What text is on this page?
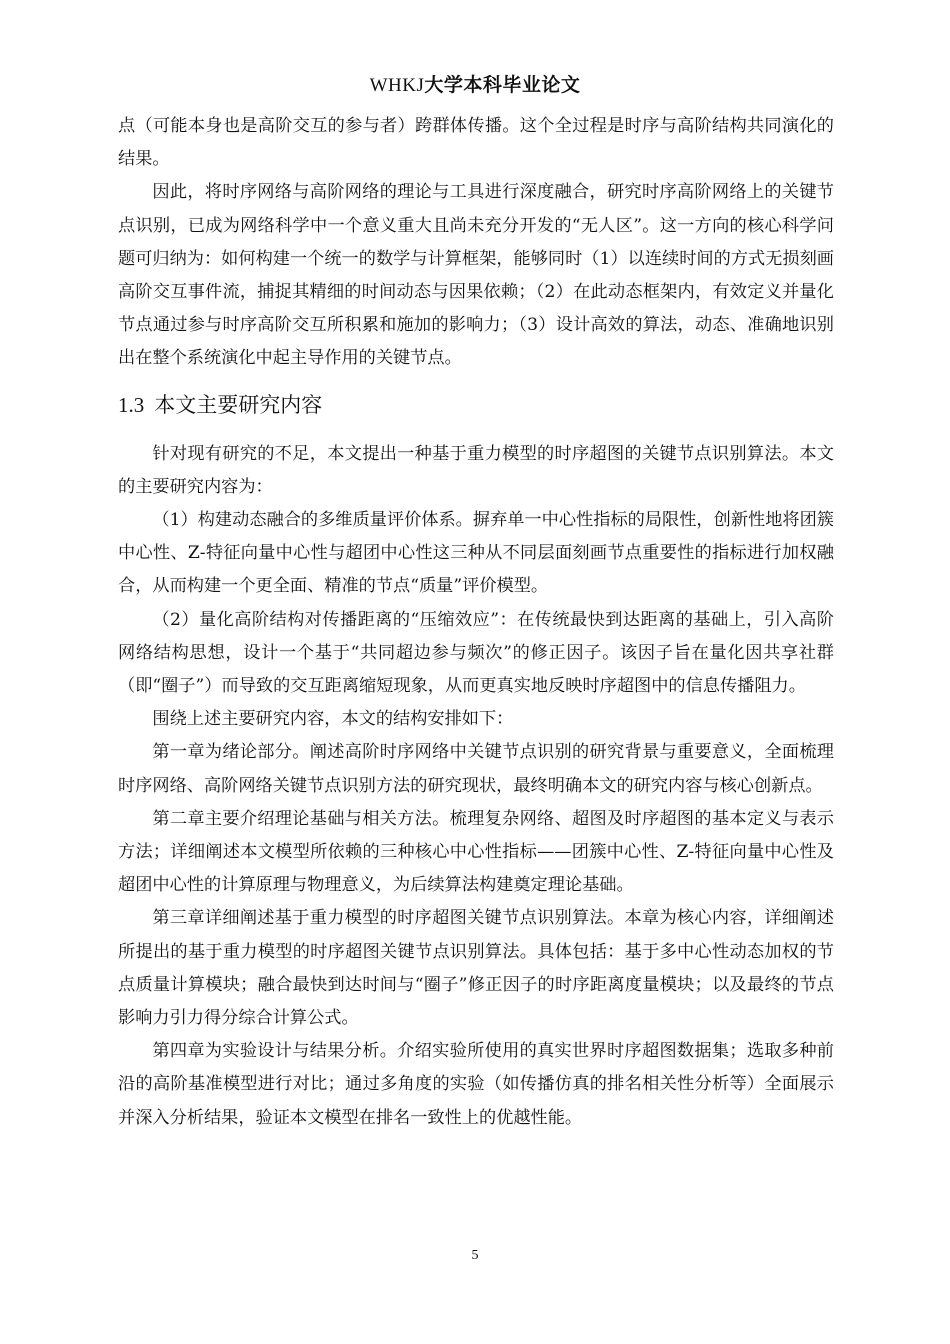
WHKJ大学本科毕业论文

点（可能本身也是高阶交互的参与者）跨群体传播。这个全过程是时序与高阶结构共同演化的结果。

因此，将时序网络与高阶网络的理论与工具进行深度融合，研究时序高阶网络上的关键节点识别，已成为网络科学中一个意义重大且尚未充分开发的“无人区”。这一方向的核心科学问题可归纳为：如何构建一个统一的数学与计算框架，能够同时（1）以连续时间的方式无损刻画高阶交互事件流，捕捉其精细的时间动态与因果依赖；（2）在此动态框架内，有效定义并量化节点通过参与时序高阶交互所积累和施加的影响力；（3）设计高效的算法，动态、准确地识别出在整个系统演化中起主导作用的关键节点。

1.3 本文主要研究内容

针对现有研究的不足，本文提出一种基于重力模型的时序超图的关键节点识别算法。本文的主要研究内容为：

（1）构建动态融合的多维质量评价体系。摒弃单一中心性指标的局限性，创新性地将团簇中心性、Z-特征向量中心性与超团中心性这三种从不同层面刻画节点重要性的指标进行加权融合，从而构建一个更全面、精准的节点“质量”评价模型。

（2）量化高阶结构对传播距离的“压缩效应”：在传统最快到达距离的基础上，引入高阶网络结构思想，设计一个基于“共同超边参与频次”的修正因子。该因子旨在量化因共享社群（即“圈子”）而导致的交互距离缩短现象，从而更真实地反映时序超图中的信息传播阻力。

围绕上述主要研究内容，本文的结构安排如下：

第一章为绪论部分。阐述高阶时序网络中关键节点识别的研究背景与重要意义，全面梳理时序网络、高阶网络关键节点识别方法的研究现状，最终明确本文的研究内容与核心创新点。

第二章主要介绍理论基础与相关方法。梳理复杂网络、超图及时序超图的基本定义与表示方法；详细阐述本文模型所依赖的三种核心中心性指标——团簇中心性、Z-特征向量中心性及超团中心性的计算原理与物理意义，为后续算法构建奠定理论基础。

第三章详细阐述基于重力模型的时序超图关键节点识别算法。本章为核心内容，详细阐述所提出的基于重力模型的时序超图关键节点识别算法。具体包括：基于多中心性动态加权的节点质量计算模块；融合最快到达时间与“圈子”修正因子的时序距离度量模块；以及最终的节点影响力引力得分综合计算公式。

第四章为实验设计与结果分析。介绍实验所使用的真实世界时序超图数据集；选取多种前沿的高阶基准模型进行对比；通过多角度的实验（如传播仿真的排名相关性分析等）全面展示并深入分析结果，验证本文模型在排名一致性上的优越性能。

5
